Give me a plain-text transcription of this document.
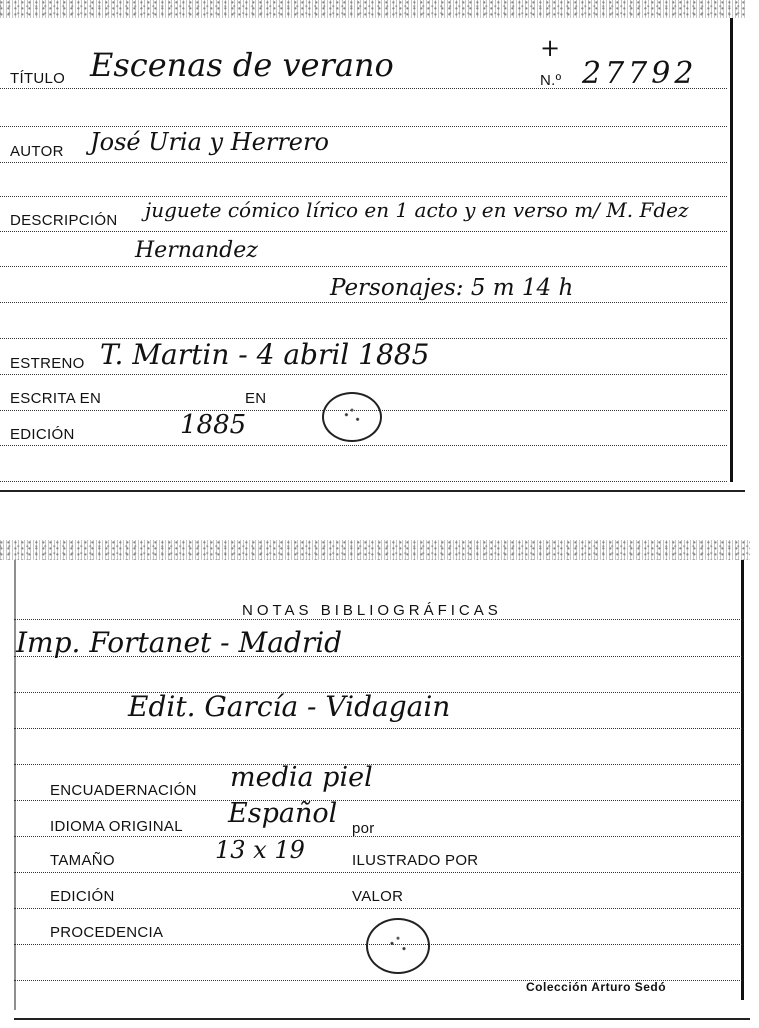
TÍTULO Escenas de verano	+
N.º 27792
AUTOR José Uria y Herrero
DESCRIPCIÓN juguete cómico lírico en 1 acto y en verso m/ M. Fdez
Hernandez
Personajes: 5 m 14 h
ESTRENO T. Martin - 4 abril 1885
ESCRITA EN	EN
EDICIÓN	1885
NOTAS BIBLIOGRÁFICAS
Imp. Fortanet - Madrid
Edit. García - Vidagain
ENCUADERNACIÓN media piel
IDIOMA ORIGINAL Español por
TAMAÑO	13 x 19	ILUSTRADO POR
EDICIÓN	VALOR
PROCEDENCIA
Colección Arturo Sedó
